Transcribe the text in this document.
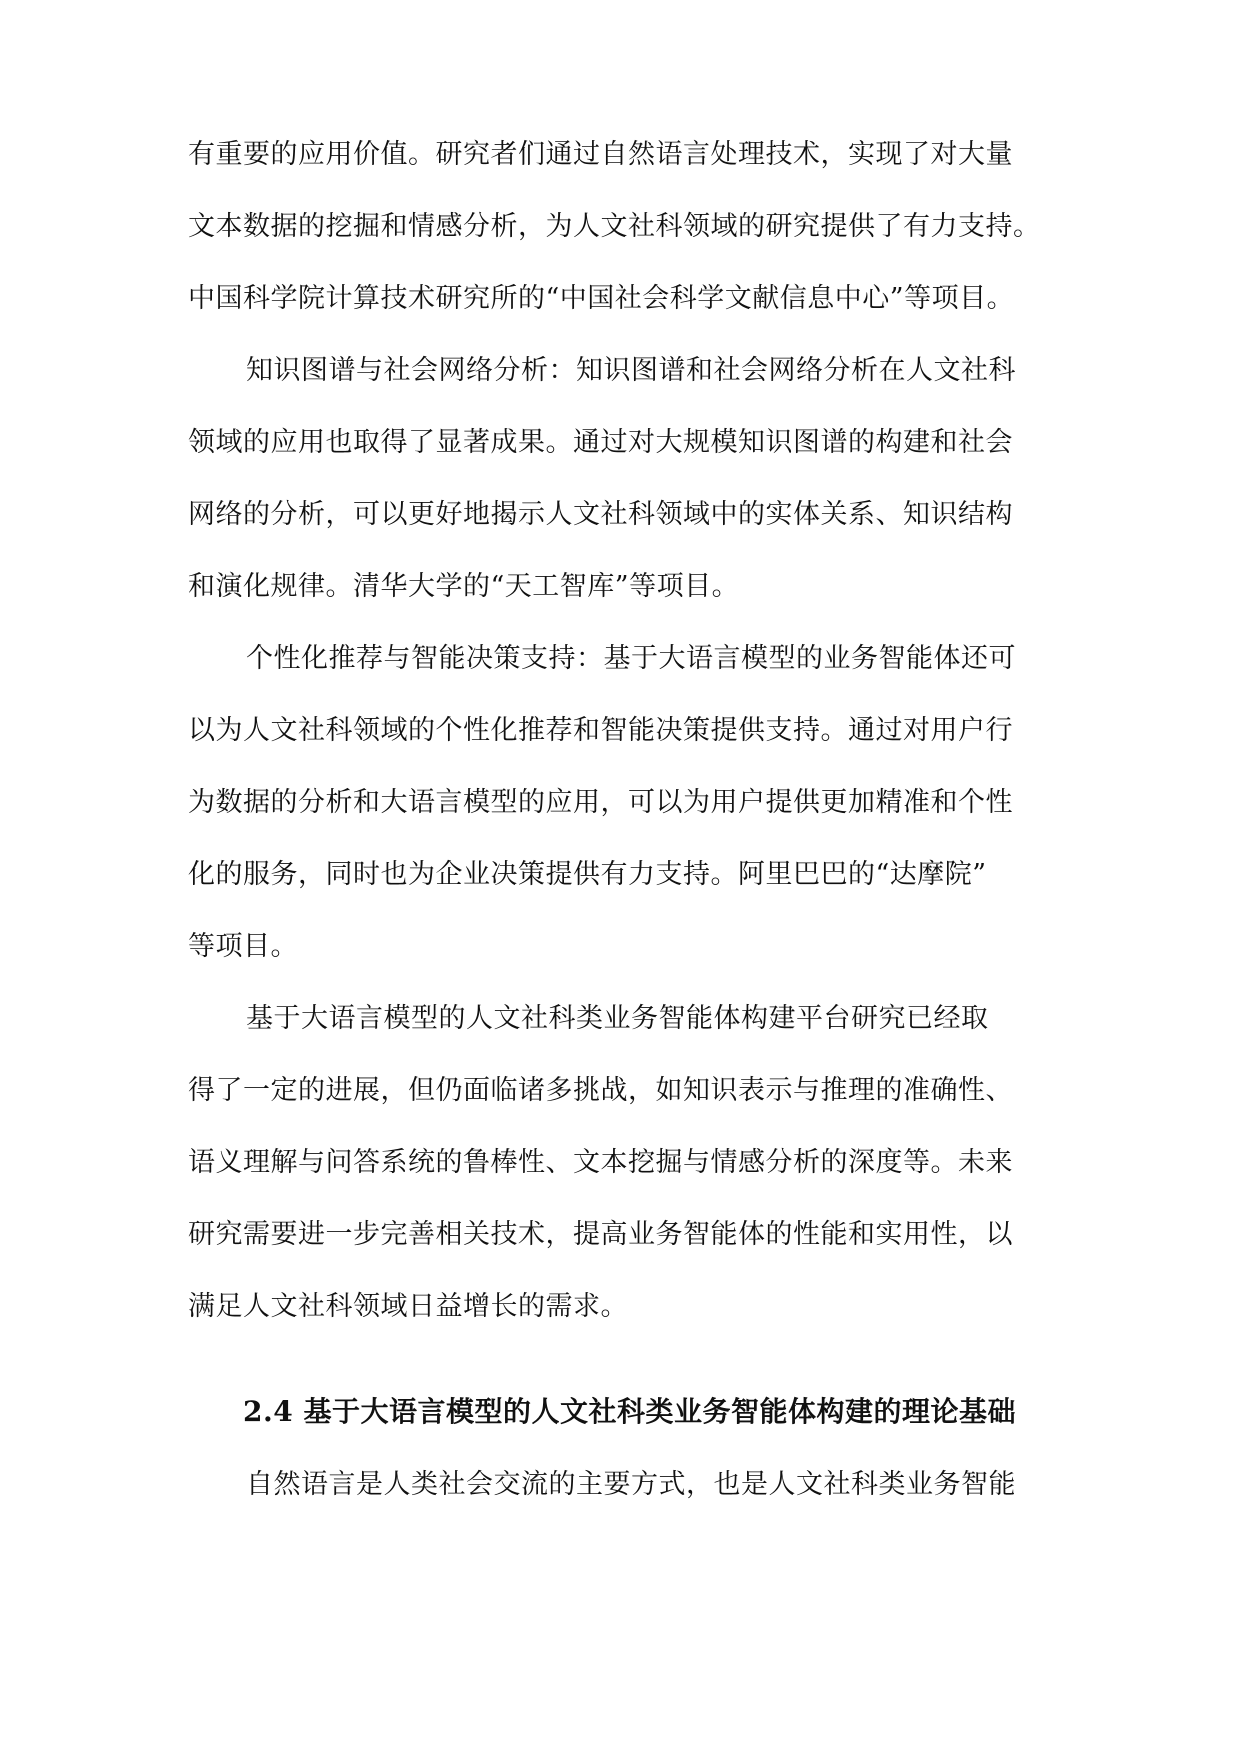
有重要的应用价值。研究者们通过自然语言处理技术，实现了对大量
文本数据的挖掘和情感分析，为人文社科领域的研究提供了有力支持。
中国科学院计算技术研究所的“中国社会科学文献信息中心”等项目。
知识图谱与社会网络分析：知识图谱和社会网络分析在人文社科
领域的应用也取得了显著成果。通过对大规模知识图谱的构建和社会
网络的分析，可以更好地揭示人文社科领域中的实体关系、知识结构
和演化规律。清华大学的“天工智库”等项目。
个性化推荐与智能决策支持：基于大语言模型的业务智能体还可
以为人文社科领域的个性化推荐和智能决策提供支持。通过对用户行
为数据的分析和大语言模型的应用，可以为用户提供更加精准和个性
化的服务，同时也为企业决策提供有力支持。阿里巴巴的“达摩院”
等项目。
基于大语言模型的人文社科类业务智能体构建平台研究已经取
得了一定的进展，但仍面临诸多挑战，如知识表示与推理的准确性、
语义理解与问答系统的鲁棒性、文本挖掘与情感分析的深度等。未来
研究需要进一步完善相关技术，提高业务智能体的性能和实用性，以
满足人文社科领域日益增长的需求。
2.4 基于大语言模型的人文社科类业务智能体构建的理论基础
自然语言是人类社会交流的主要方式，也是人文社科类业务智能
